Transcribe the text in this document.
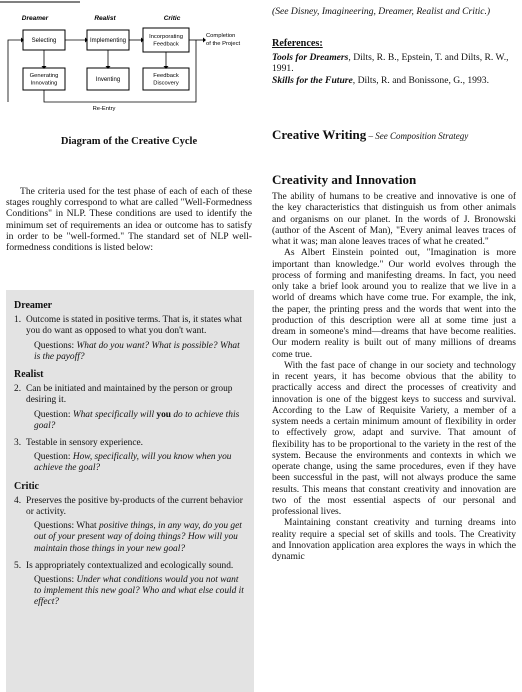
Dreamer	Realist	Critic
Selecting	Implementing
Incorporating Feedback
Completion
of the Project
Generating Innovating
Inventing
Feedback Discovery
Re-Entry
Diagram of the Creative Cycle

The criteria used for the test phase of each of each of these stages roughly correspond to what are called "Well-Formedness Conditions" in NLP. These conditions are used to identify the minimum set of requirements an idea or outcome has to satisfy in order to be "well-formed." The standard set of NLP well-formedness conditions is listed below:

Dreamer
1. Outcome is stated in positive terms. That is, it states what you do want as opposed to what you don't want.
Questions: What do you want? What is possible? What is the payoff?
Realist
2. Can be initiated and maintained by the person or group desiring it.
Question: What specifically will you do to achieve this goal?
3. Testable in sensory experience.
Question: How, specifically, will you know when you achieve the goal?
Critic
4. Preserves the positive by-products of the current behavior or activity.
Questions: What positive things, in any way, do you get out of your present way of doing things? How will you maintain those things in your new goal?
5. Is appropriately contextualized and ecologically sound.
Questions: Under what conditions would you not want to implement this new goal? Who and what else could it effect?
(See Disney, Imagineering, Dreamer, Realist and Critic.)
References:

Tools for Dreamers, Dilts, R. B., Epstein, T. and Dilts, R. W., 1991.

Skills for the Future, Dilts, R. and Bonissone, G., 1993.

Creative Writing – See Composition Strategy
Creativity and Innovation

The ability of humans to be creative and innovative is one of the key characteristics that distinguish us from other animals and organisms on our planet. In the words of J. Bronowski (author of the Ascent of Man), "Every animal leaves traces of what it was; man alone leaves traces of what he created."

As Albert Einstein pointed out, "Imagination is more important than knowledge." Our world evolves through the process of forming and manifesting dreams. In fact, you need only take a brief look around you to realize that we live in a world of dreams which have come true. For example, the ink, the paper, the printing press and the words that went into the production of this description were all at some time just a dream in someone's mind—dreams that have become realities. Our modern reality is built out of many millions of dreams come true.

With the fast pace of change in our society and technology in recent years, it has become obvious that the ability to practically access and direct the processes of creativity and innovation is one of the biggest keys to success and survival. According to the Law of Requisite Variety, a member of a system needs a certain minimum amount of flexibility in order to effectively grow, adapt and survive. That amount of flexibility has to be proportional to the variety in the rest of the system. Because the environments and contexts in which we operate change, using the same procedures, even if they have been successful in the past, will not always produce the same results. This means that constant creativity and innovation are two of the most essential aspects of our personal and professional lives.

Maintaining constant creativity and turning dreams into reality require a special set of skills and tools. The Creativity and Innovation application area explores the ways in which the dynamic
